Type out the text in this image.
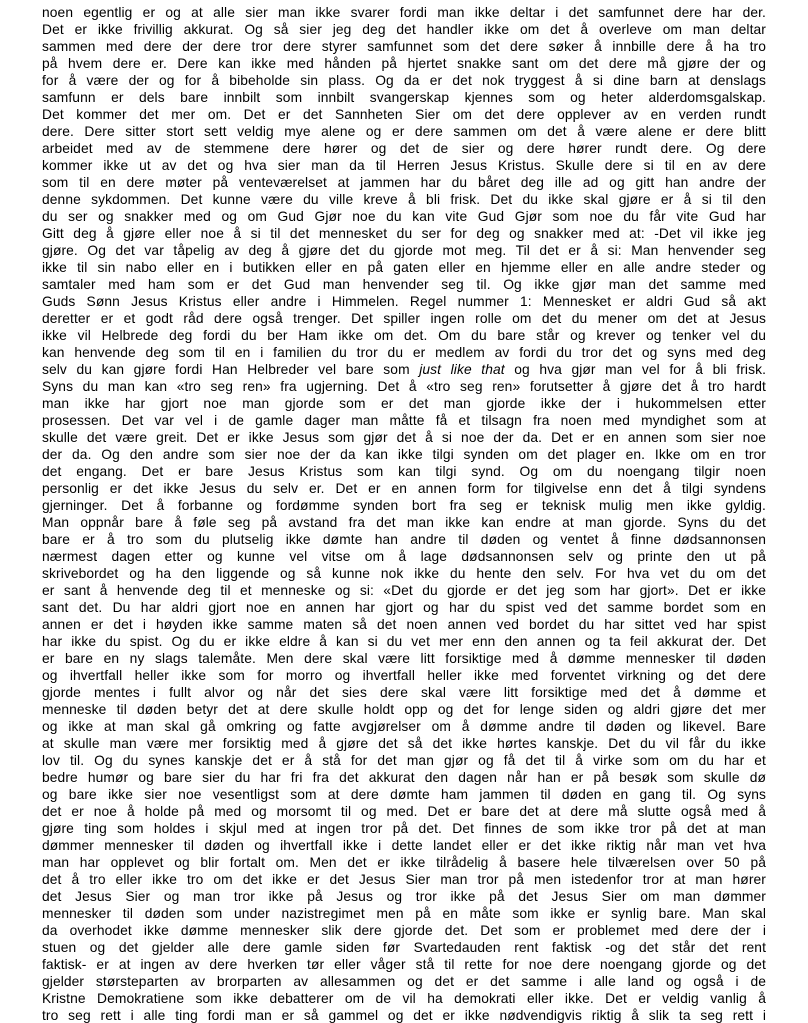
noen egentlig er og at alle sier man ikke svarer fordi man ikke deltar i det samfunnet dere har der.
Det er ikke frivillig akkurat. Og så sier jeg deg det handler ikke om det å overleve om man deltar
sammen med dere der dere tror dere styrer samfunnet som det dere søker å innbille dere å ha tro
på hvem dere er. Dere kan ikke med hånden på hjertet snakke sant om det dere må gjøre der og
for å være der og for å bibeholde sin plass. Og da er det nok tryggest å si dine barn at denslags
samfunn er dels bare innbilt som innbilt svangerskap kjennes som og heter alderdomsgalskap.
Det kommer det mer om. Det er det Sannheten Sier om det dere opplever av en verden rundt
dere. Dere sitter stort sett veldig mye alene og er dere sammen om det å være alene er dere blitt
arbeidet med av de stemmene dere hører og det de sier og dere hører rundt dere. Og dere
kommer ikke ut av det og hva sier man da til Herren Jesus Kristus. Skulle dere si til en av dere
som til en dere møter på venteværelset at jammen har du båret deg ille ad og gitt han andre der
denne sykdommen. Det kunne være du ville kreve å bli frisk. Det du ikke skal gjøre er å si til den
du ser og snakker med og om Gud Gjør noe du kan vite Gud Gjør som noe du får vite Gud har
Gitt deg å gjøre eller noe å si til det mennesket du ser for deg og snakker med at: -Det vil ikke jeg
gjøre. Og det var tåpelig av deg å gjøre det du gjorde mot meg. Til det er å si: Man henvender seg
ikke til sin nabo eller en i butikken eller en på gaten eller en hjemme eller en alle andre steder og
samtaler med ham som er det Gud man henvender seg til. Og ikke gjør man det samme med
Guds Sønn Jesus Kristus eller andre i Himmelen. Regel nummer 1: Mennesket er aldri Gud så akt
deretter er et godt råd dere også trenger. Det spiller ingen rolle om det du mener om det at Jesus
ikke vil Helbrede deg fordi du ber Ham ikke om det. Om du bare står og krever og tenker vel du
kan henvende deg som til en i familien du tror du er medlem av fordi du tror det og syns med deg
selv du kan gjøre fordi Han Helbreder vel bare som just like that og hva gjør man vel for å bli frisk.
Syns du man kan «tro seg ren» fra ugjerning. Det å «tro seg ren» forutsetter å gjøre det å tro hardt
man ikke har gjort noe man gjorde som er det man gjorde ikke der i hukommelsen etter
prosessen. Det var vel i de gamle dager man måtte få et tilsagn fra noen med myndighet som at
skulle det være greit. Det er ikke Jesus som gjør det å si noe der da. Det er en annen som sier noe
der da. Og den andre som sier noe der da kan ikke tilgi synden om det plager en. Ikke om en tror
det engang. Det er bare Jesus Kristus som kan tilgi synd. Og om du noengang tilgir noen
personlig er det ikke Jesus du selv er. Det er en annen form for tilgivelse enn det å tilgi syndens
gjerninger. Det å forbanne og fordømme synden bort fra seg er teknisk mulig men ikke gyldig.
Man oppnår bare å føle seg på avstand fra det man ikke kan endre at man gjorde. Syns du det
bare er å tro som du plutselig ikke dømte han andre til døden og ventet å finne dødsannonsen
nærmest dagen etter og kunne vel vitse om å lage dødsannonsen selv og printe den ut på
skrivebordet og ha den liggende og så kunne nok ikke du hente den selv. For hva vet du om det
er sant å henvende deg til et menneske og si: «Det du gjorde er det jeg som har gjort». Det er ikke
sant det. Du har aldri gjort noe en annen har gjort og har du spist ved det samme bordet som en
annen er det i høyden ikke samme maten så det noen annen ved bordet du har sittet ved har spist
har ikke du spist. Og du er ikke eldre å kan si du vet mer enn den annen og ta feil akkurat der. Det
er bare en ny slags talemåte. Men dere skal være litt forsiktige med å dømme mennesker til døden
og ihvertfall heller ikke som for morro og ihvertfall heller ikke med forventet virkning og det dere
gjorde mentes i fullt alvor og når det sies dere skal være litt forsiktige med det å dømme et
menneske til døden betyr det at dere skulle holdt opp og det for lenge siden og aldri gjøre det mer
og ikke at man skal gå omkring og fatte avgjørelser om å dømme andre til døden og likevel. Bare
at skulle man være mer forsiktig med å gjøre det så det ikke hørtes kanskje. Det du vil får du ikke
lov til. Og du synes kanskje det er å stå for det man gjør og få det til å virke som om du har et
bedre humør og bare sier du har fri fra det akkurat den dagen når han er på besøk som skulle dø
og bare ikke sier noe vesentligst som at dere dømte ham jammen til døden en gang til. Og syns
det er noe å holde på med og morsomt til og med. Det er bare det at dere må slutte også med å
gjøre ting som holdes i skjul med at ingen tror på det. Det finnes de som ikke tror på det at man
dømmer mennesker til døden og ihvertfall ikke i dette landet eller er det ikke riktig når man vet hva
man har opplevet og blir fortalt om. Men det er ikke tilrådelig å basere hele tilværelsen over 50 på
det å tro eller ikke tro om det ikke er det Jesus Sier man tror på men istedenfor tror at man hører
det Jesus Sier og man tror ikke på Jesus og tror ikke på det Jesus Sier om man dømmer
mennesker til døden som under nazistregimet men på en måte som ikke er synlig bare. Man skal
da overhodet ikke dømme mennesker slik dere gjorde det. Det som er problemet med dere der i
stuen og det gjelder alle dere gamle siden før Svartedauden rent faktisk -og det står det rent
faktisk- er at ingen av dere hverken tør eller våger stå til rette for noe dere noengang gjorde og det
gjelder størsteparten av brorparten av allesammen og det er det samme i alle land og også i de
Kristne Demokratiene som ikke debatterer om de vil ha demokrati eller ikke. Det er veldig vanlig å
tro seg rett i alle ting fordi man er så gammel og det er ikke nødvendigvis riktig å slik ta seg rett i
